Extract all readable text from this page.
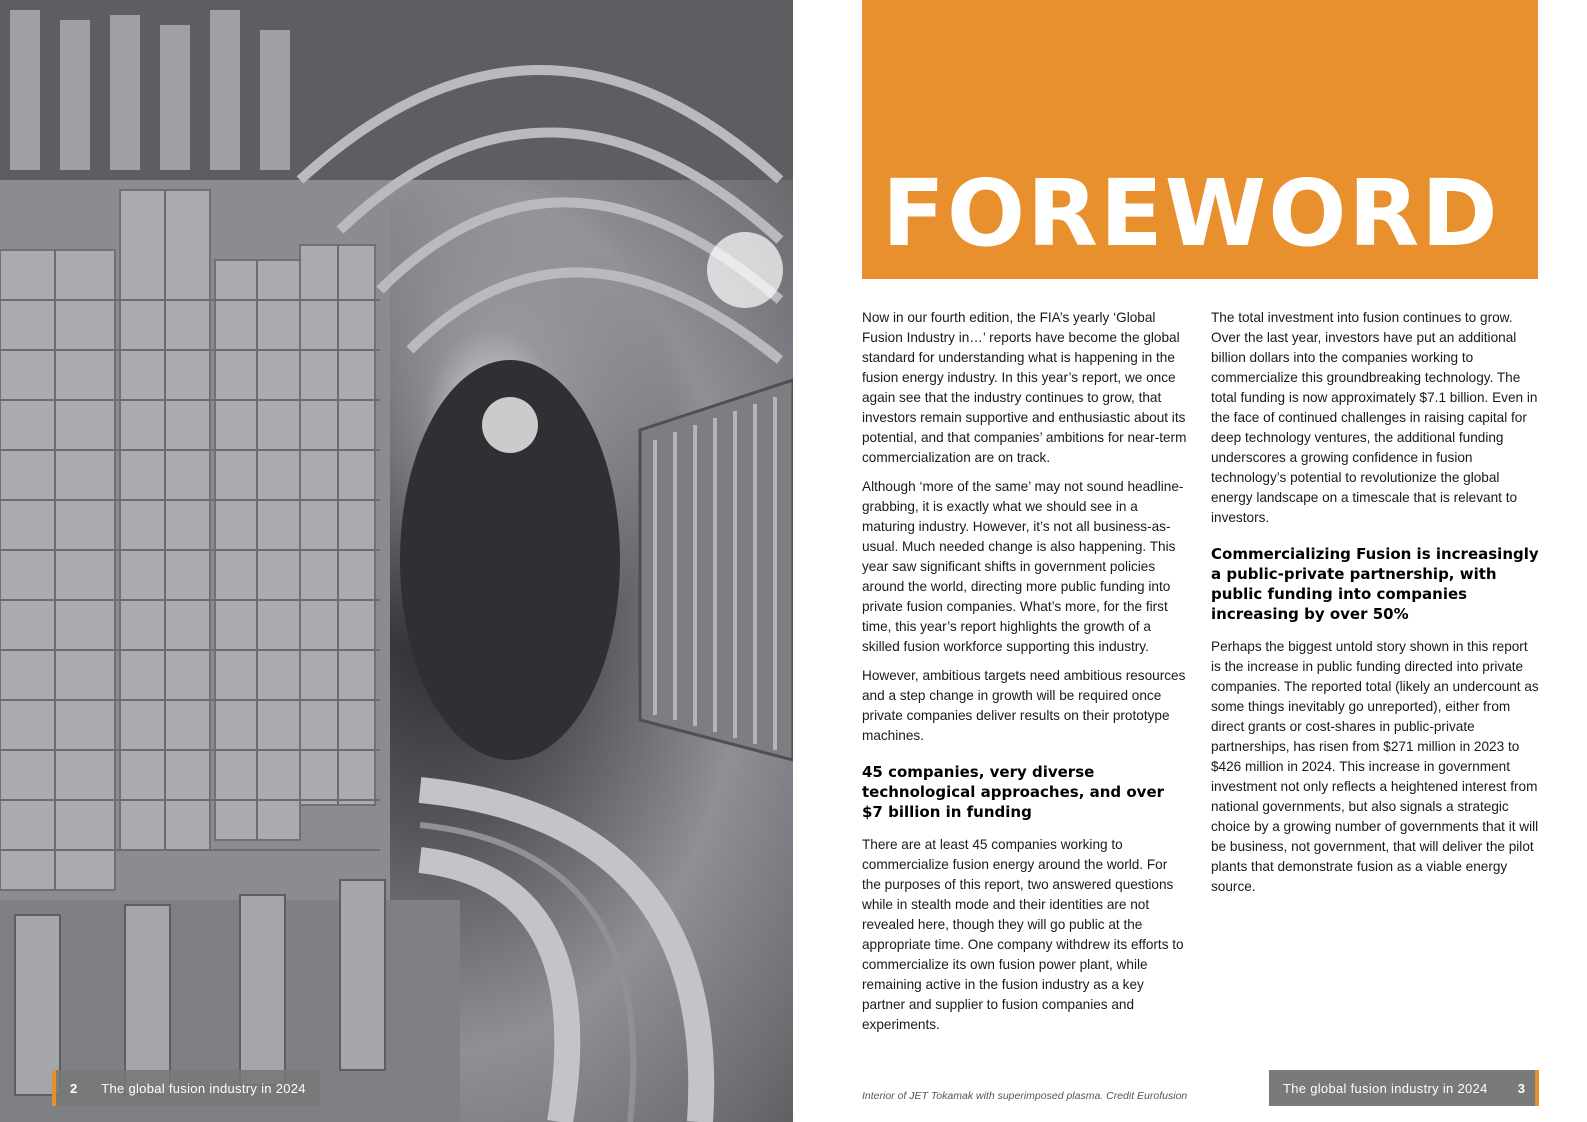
2 The global fusion industry in 2024
FOREWORD

Now in our fourth edition, the FIA’s yearly ‘Global Fusion Industry in…’ reports have become the global standard for understanding what is happening in the fusion energy industry. In this year’s report, we once again see that the industry continues to grow, that investors remain supportive and enthusiastic about its potential, and that companies’ ambitions for near-term commercialization are on track.

Although ‘more of the same’ may not sound headline-grabbing, it is exactly what we should see in a maturing industry. However, it’s not all business-as-usual. Much needed change is also happening. This year saw significant shifts in government policies around the world, directing more public funding into private fusion companies. What’s more, for the first time, this year’s report highlights the growth of a skilled fusion workforce supporting this industry.

However, ambitious targets need ambitious resources and a step change in growth will be required once private companies deliver results on their prototype machines.

45 companies, very diverse technological approaches, and over $7 billion in funding

There are at least 45 companies working to commercialize fusion energy around the world. For the purposes of this report, two answered questions while in stealth mode and their identities are not revealed here, though they will go public at the appropriate time. One company withdrew its efforts to commercialize its own fusion power plant, while remaining active in the fusion industry as a key partner and supplier to fusion companies and experiments.

The total investment into fusion continues to grow. Over the last year, investors have put an additional billion dollars into the companies working to commercialize this groundbreaking technology. The total funding is now approximately $7.1 billion. Even in the face of continued challenges in raising capital for deep technology ventures, the additional funding underscores a growing confidence in fusion technology’s potential to revolutionize the global energy landscape on a timescale that is relevant to investors.

Commercializing Fusion is increasingly a public-private partnership, with public funding into companies increasing by over 50%

Perhaps the biggest untold story shown in this report is the increase in public funding directed into private companies. The reported total (likely an undercount as some things inevitably go unreported), either from direct grants or cost-shares in public-private partnerships, has risen from $271 million in 2023 to $426 million in 2024. This increase in government investment not only reflects a heightened interest from national governments, but also signals a strategic choice by a growing number of governments that it will be business, not government, that will deliver the pilot plants that demonstrate fusion as a viable energy source.

Interior of JET Tokamak with superimposed plasma. Credit Eurofusion
The global fusion industry in 2024 3
